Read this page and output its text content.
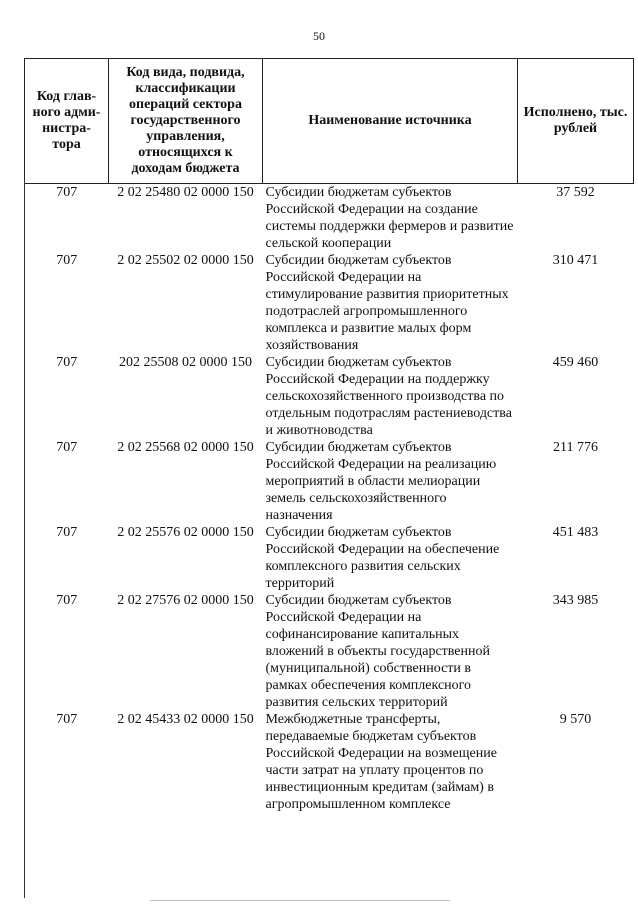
50
Код глав-ного адми-нистра-тора	Код вида, подвида, классификации операций сектора государственного управления, относящихся к доходам бюджета	Наименование источника	Исполнено, тыс. рублей
707	2 02 25480 02 0000 150	Субсидии бюджетам субъектов Российской Федерации на создание системы поддержки фермеров и развитие сельской кооперации	37 592
707	2 02 25502 02 0000 150	Субсидии бюджетам субъектов Российской Федерации на стимулирование развития приоритетных подотраслей агропромышленного комплекса и развитие малых форм хозяйствования	310 471
707	202 25508 02 0000 150	Субсидии бюджетам субъектов Российской Федерации на поддержку сельскохозяйственного производства по отдельным подотраслям растениеводства и животноводства	459 460
707	2 02 25568 02 0000 150	Субсидии бюджетам субъектов Российской Федерации на реализацию мероприятий в области мелиорации земель сельскохозяйственного назначения	211 776
707	2 02 25576 02 0000 150	Субсидии бюджетам субъектов Российской Федерации на обеспечение комплексного развития сельских территорий	451 483
707	2 02 27576 02 0000 150	Субсидии бюджетам субъектов Российской Федерации на софинансирование капитальных вложений в объекты государственной (муниципальной) собственности в рамках обеспечения комплексного развития сельских территорий	343 985
707	2 02 45433 02 0000 150	Межбюджетные трансферты, передаваемые бюджетам субъектов Российской Федерации на возмещение части затрат на уплату процентов по инвестиционным кредитам (займам) в агропромышленном комплексе	9 570
